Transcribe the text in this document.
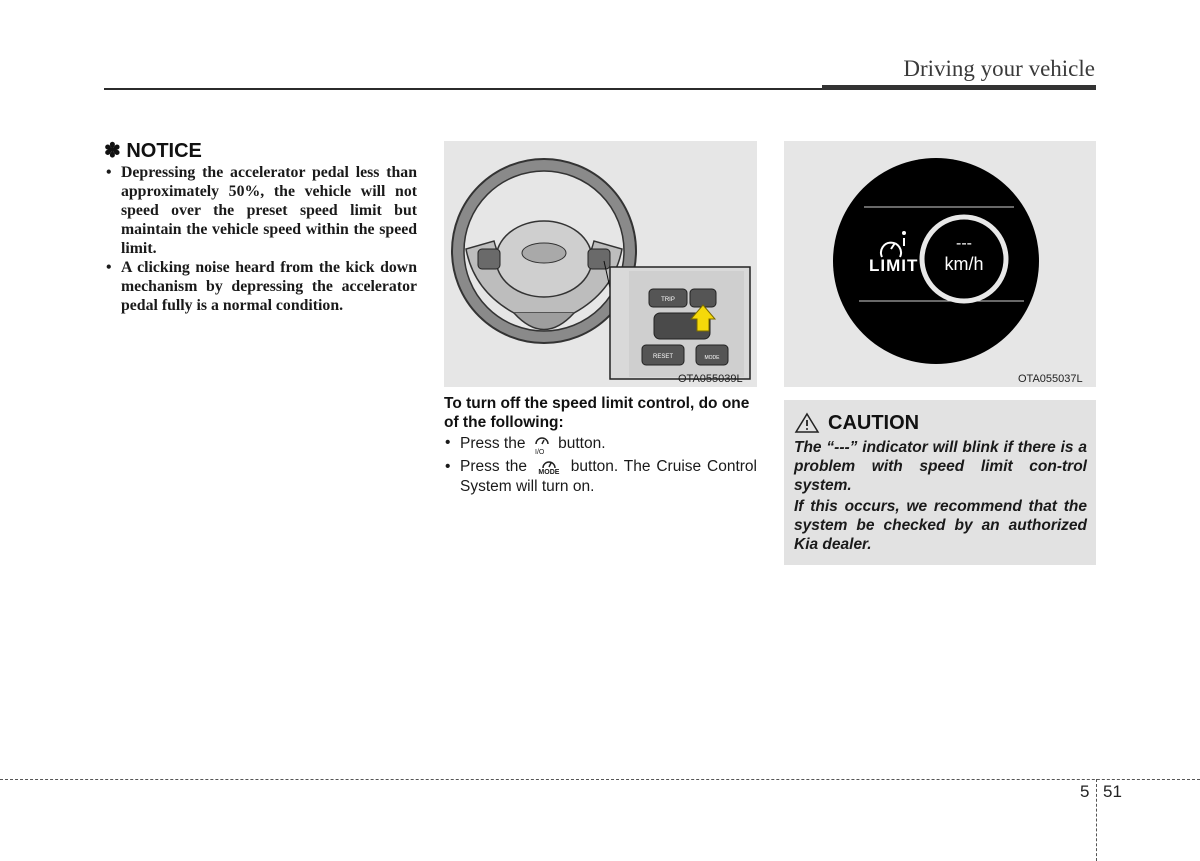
Driving your vehicle
✽ NOTICE
• Depressing the accelerator pedal less than approximately 50%, the vehicle will not speed over the preset speed limit but maintain the vehicle speed within the speed limit.
• A clicking noise heard from the kick down mechanism by depressing the accelerator pedal fully is a normal condition.	TRIP
RESET	MODE
OTA055039L
LIMIT
---
km/h
OTA055037L
To turn off the speed limit control, do one of the following:
• Press the
I/O
button.
• Press the MODE button. The Cruise Control System will turn on.
CAUTION

The “---” indicator will blink if there is a problem with speed limit con-trol system.

If this occurs, we recommend that the system be checked by an authorized Kia dealer.

5 51
